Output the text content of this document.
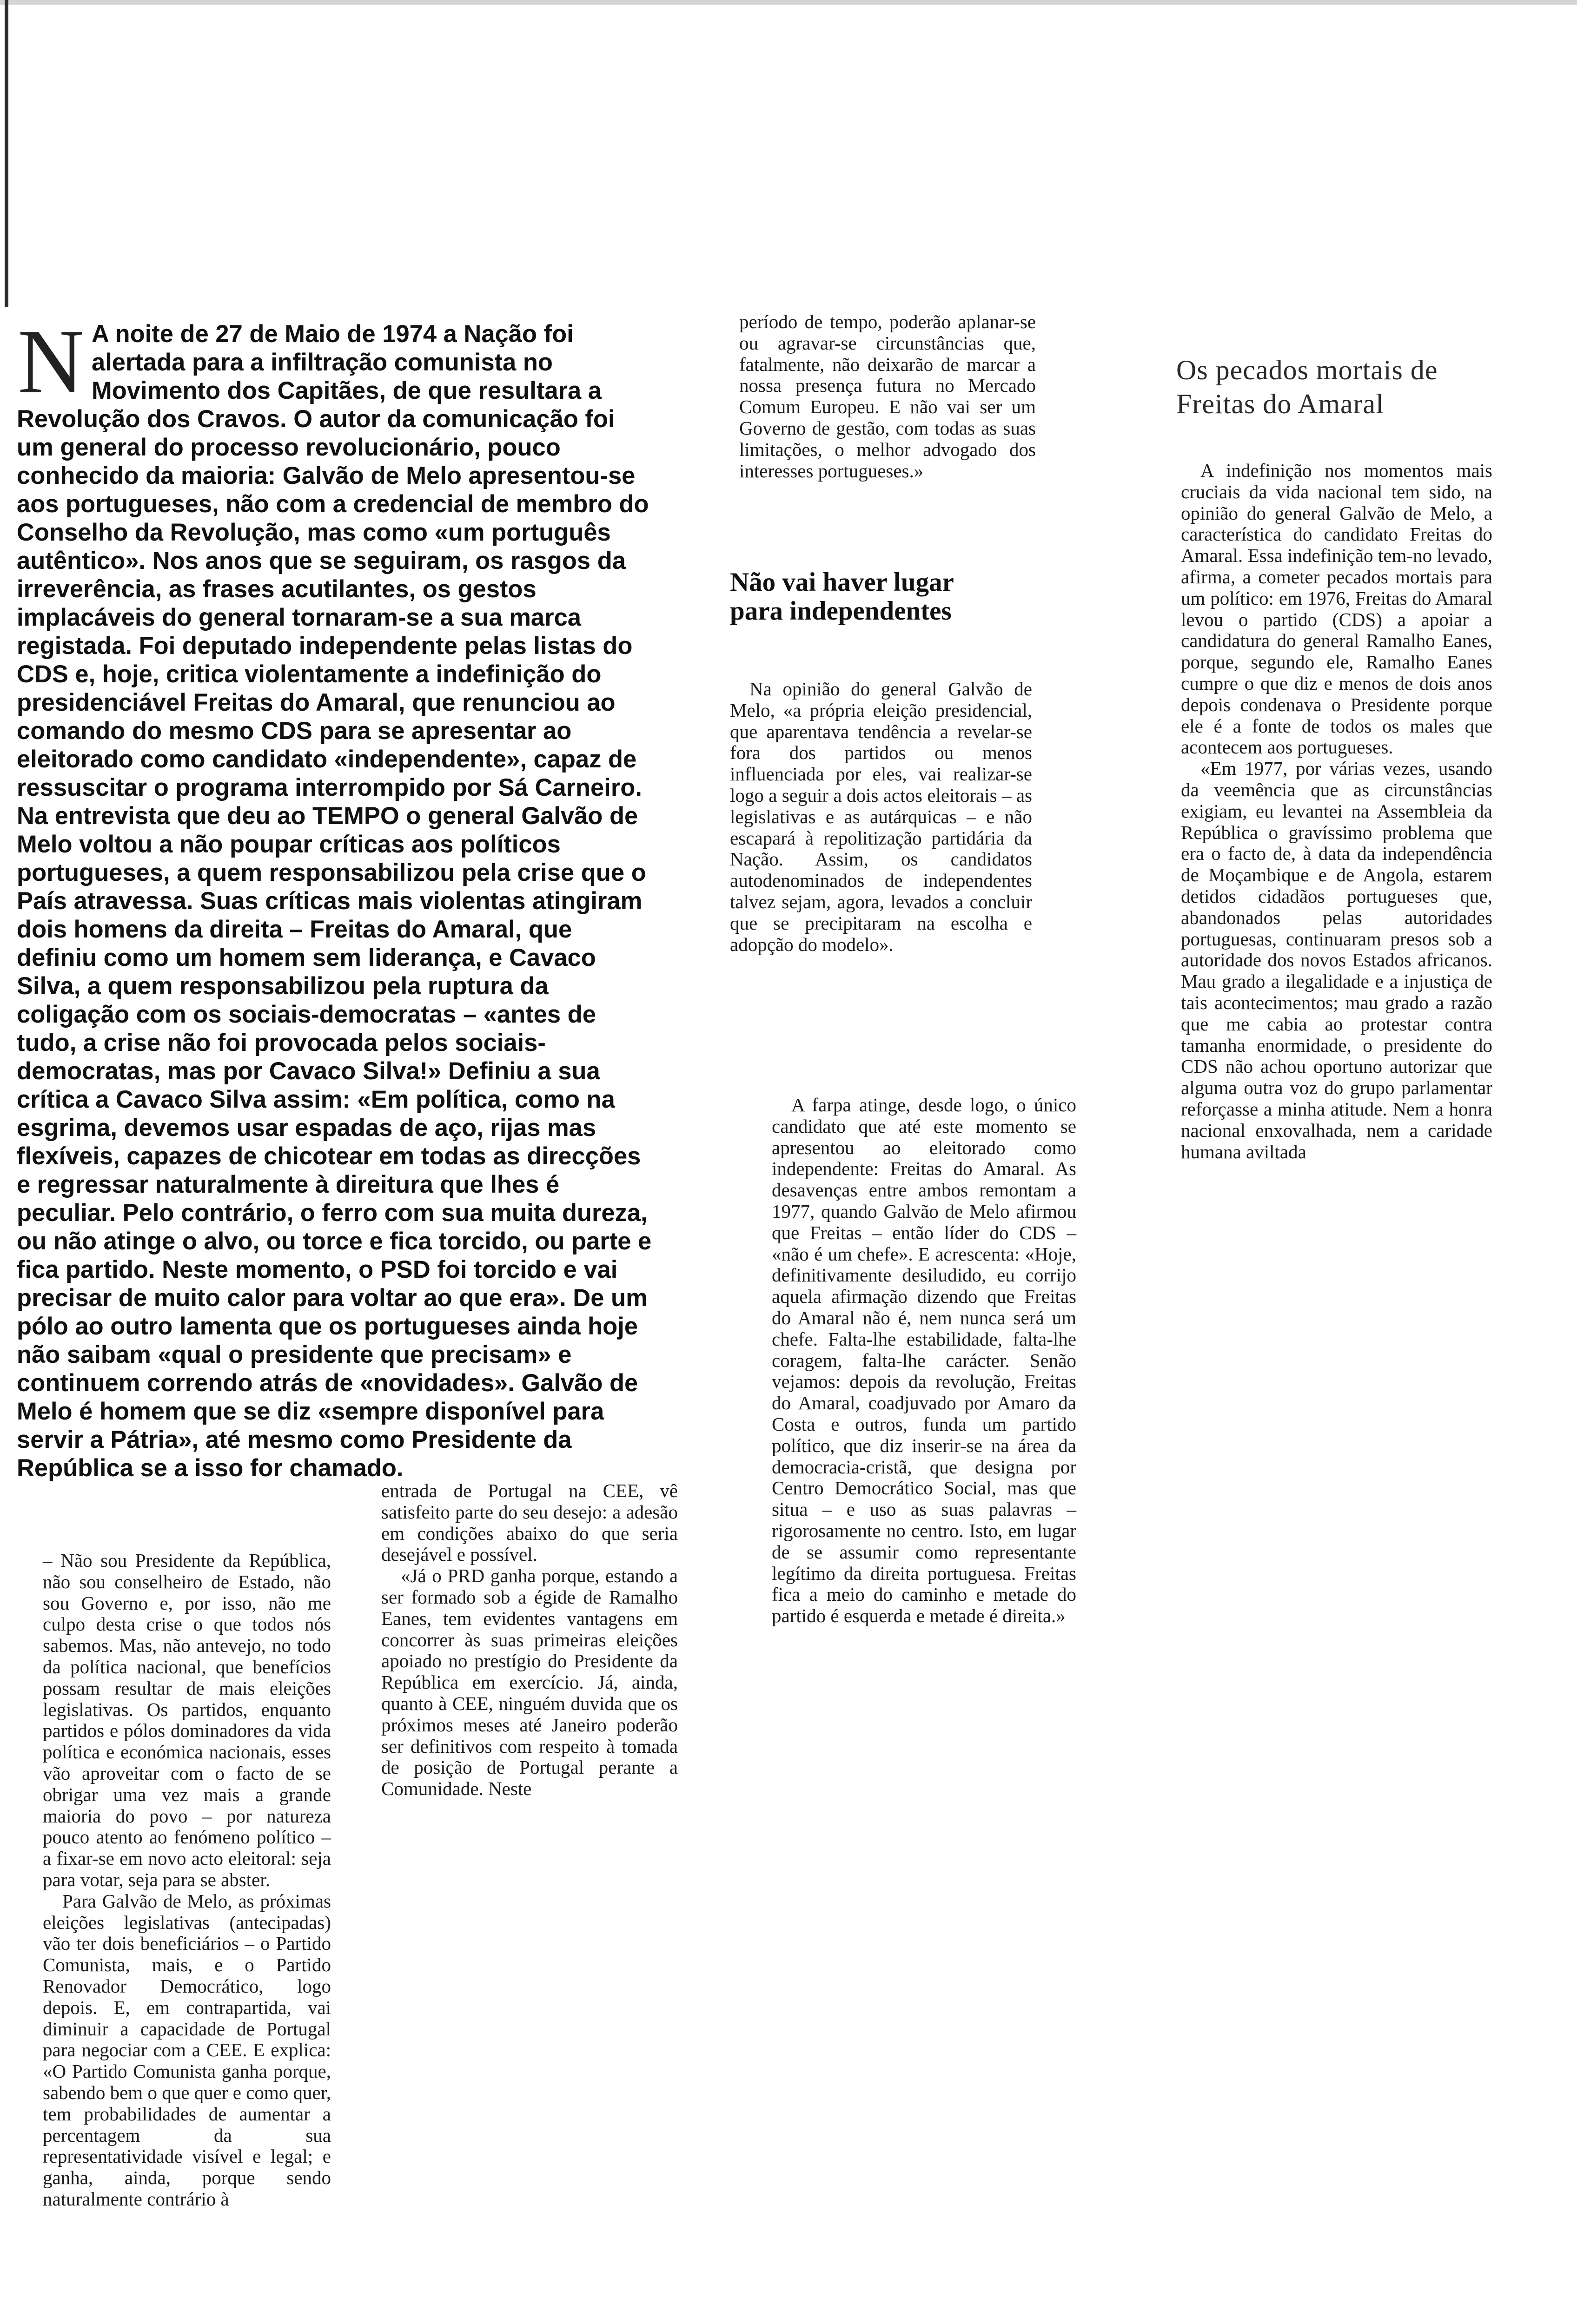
N A noite de 27 de Maio de 1974 a Nação foi alertada para a infiltração comunista no Movimento dos Capitães, de que resultara a Revolução dos Cravos. O autor da comunicação foi um general do processo revolucionário, pouco conhecido da maioria: Galvão de Melo apresentou-se aos portugueses, não com a credencial de membro do Conselho da Revolução, mas como «um português autêntico». Nos anos que se seguiram, os rasgos da irreverência, as frases acutilantes, os gestos implacáveis do general tornaram-se a sua marca registada. Foi deputado independente pelas listas do CDS e, hoje, critica violentamente a indefinição do presidenciável Freitas do Amaral, que renunciou ao comando do mesmo CDS para se apresentar ao eleitorado como candidato «independente», capaz de ressuscitar o programa interrompido por Sá Carneiro. Na entrevista que deu ao TEMPO o general Galvão de Melo voltou a não poupar críticas aos políticos portugueses, a quem responsabilizou pela crise que o País atravessa. Suas críticas mais violentas atingiram dois homens da direita – Freitas do Amaral, que definiu como um homem sem liderança, e Cavaco Silva, a quem responsabilizou pela ruptura da coligação com os sociais-democratas – «antes de tudo, a crise não foi provocada pelos sociais-democratas, mas por Cavaco Silva!» Definiu a sua crítica a Cavaco Silva assim: «Em política, como na esgrima, devemos usar espadas de aço, rijas mas flexíveis, capazes de chicotear em todas as direcções e regressar naturalmente à direitura que lhes é peculiar. Pelo contrário, o ferro com sua muita dureza, ou não atinge o alvo, ou torce e fica torcido, ou parte e fica partido. Neste momento, o PSD foi torcido e vai precisar de muito calor para voltar ao que era». De um pólo ao outro lamenta que os portugueses ainda hoje não saibam «qual o presidente que precisam» e continuem correndo atrás de «novidades». Galvão de Melo é homem que se diz «sempre disponível para servir a Pátria», até mesmo como Presidente da República se a isso for chamado.

– Não sou Presidente da República, não sou conselheiro de Estado, não sou Governo e, por isso, não me culpo desta crise o que todos nós sabemos. Mas, não antevejo, no todo da política nacional, que benefícios possam resultar de mais eleições legislativas. Os partidos, enquanto partidos e pólos dominadores da vida política e económica nacionais, esses vão aproveitar com o facto de se obrigar uma vez mais a grande maioria do povo – por natureza pouco atento ao fenómeno político – a fixar-se em novo acto eleitoral: seja para votar, seja para se abster.

Para Galvão de Melo, as próximas eleições legislativas (antecipadas) vão ter dois beneficiários – o Partido Comunista, mais, e o Partido Renovador Democrático, logo depois. E, em contrapartida, vai diminuir a capacidade de Portugal para negociar com a CEE. E explica: «O Partido Comunista ganha porque, sabendo bem o que quer e como quer, tem probabilidades de aumentar a percentagem da sua representatividade visível e legal; e ganha, ainda, porque sendo naturalmente contrário à

entrada de Portugal na CEE, vê satisfeito parte do seu desejo: a adesão em condições abaixo do que seria desejável e possível.

«Já o PRD ganha porque, estando a ser formado sob a égide de Ramalho Eanes, tem evidentes vantagens em concorrer às suas primeiras eleições apoiado no prestígio do Presidente da República em exercício. Já, ainda, quanto à CEE, ninguém duvida que os próximos meses até Janeiro poderão ser definitivos com respeito à tomada de posição de Portugal perante a Comunidade. Neste

período de tempo, poderão aplanar-se ou agravar-se circunstâncias que, fatalmente, não deixarão de marcar a nossa presença futura no Mercado Comum Europeu. E não vai ser um Governo de gestão, com todas as suas limitações, o melhor advogado dos interesses portugueses.»

Não vai haver lugar para independentes

Na opinião do general Galvão de Melo, «a própria eleição presidencial, que aparentava tendência a revelar-se fora dos partidos ou menos influenciada por eles, vai realizar-se logo a seguir a dois actos eleitorais – as legislativas e as autárquicas – e não escapará à repolitização partidária da Nação. Assim, os candidatos autodenominados de independentes talvez sejam, agora, levados a concluir que se precipitaram na escolha e adopção do modelo».

A farpa atinge, desde logo, o único candidato que até este momento se apresentou ao eleitorado como independente: Freitas do Amaral. As desavenças entre ambos remontam a 1977, quando Galvão de Melo afirmou que Freitas – então líder do CDS – «não é um chefe». E acrescenta: «Hoje, definitivamente desiludido, eu corrijo aquela afirmação dizendo que Freitas do Amaral não é, nem nunca será um chefe. Falta-lhe estabilidade, falta-lhe coragem, falta-lhe carácter. Senão vejamos: depois da revolução, Freitas do Amaral, coadjuvado por Amaro da Costa e outros, funda um partido político, que diz inserir-se na área da democracia-cristã, que designa por Centro Democrático Social, mas que situa – e uso as suas palavras – rigorosamente no centro. Isto, em lugar de se assumir como representante legítimo da direita portuguesa. Freitas fica a meio do caminho e metade do partido é esquerda e metade é direita.»

Os pecados mortais de Freitas do Amaral

A indefinição nos momentos mais cruciais da vida nacional tem sido, na opinião do general Galvão de Melo, a característica do candidato Freitas do Amaral. Essa indefinição tem-no levado, afirma, a cometer pecados mortais para um político: em 1976, Freitas do Amaral levou o partido (CDS) a apoiar a candidatura do general Ramalho Eanes, porque, segundo ele, Ramalho Eanes cumpre o que diz e menos de dois anos depois condenava o Presidente porque ele é a fonte de todos os males que acontecem aos portugueses.

«Em 1977, por várias vezes, usando da veemência que as circunstâncias exigiam, eu levantei na Assembleia da República o gravíssimo problema que era o facto de, à data da independência de Moçambique e de Angola, estarem detidos cidadãos portugueses que, abandonados pelas autoridades portuguesas, continuaram presos sob a autoridade dos novos Estados africanos. Mau grado a ilegalidade e a injustiça de tais acontecimentos; mau grado a razão que me cabia ao protestar contra tamanha enormidade, o presidente do CDS não achou oportuno autorizar que alguma outra voz do grupo parlamentar reforçasse a minha atitude. Nem a honra nacional enxovalhada, nem a caridade humana aviltada
